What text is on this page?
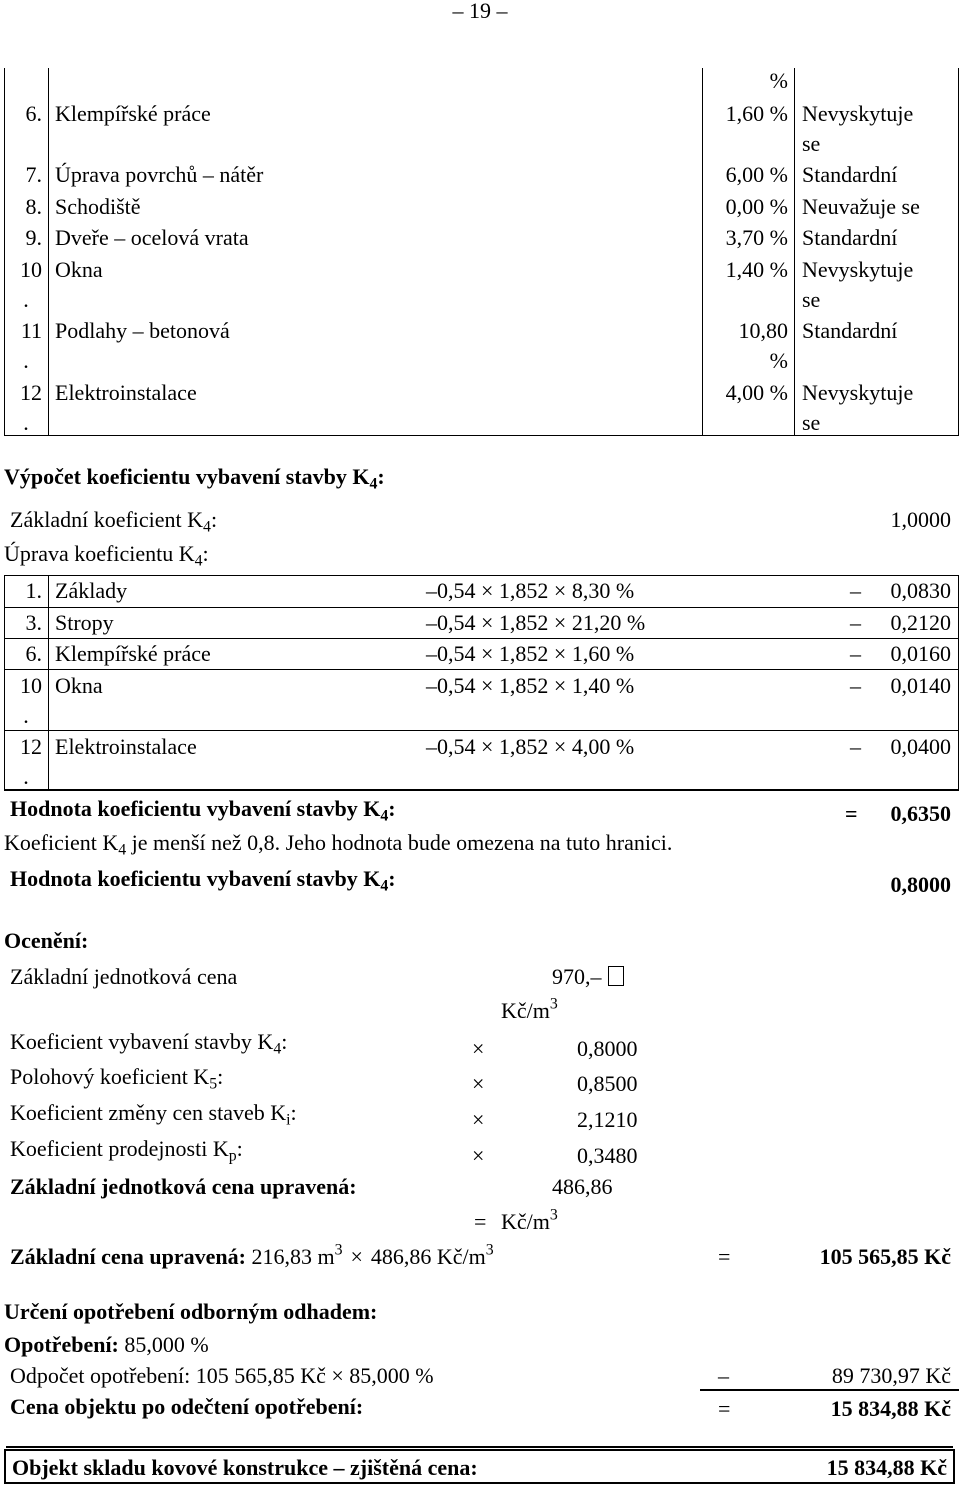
– 19 –
%
6. Klempířské práce	1,60 % Nevyskytuje
se
7. Úprava povrchů – nátěr	6,00 % Standardní
8. Schodiště	0,00 % Neuvažuje se
9. Dveře – ocelová vrata	3,70 % Standardní
10
.
Okna	1,40 % Nevyskytuje
se
11
.
Podlahy – betonová	10,80
%
Standardní
12
.
Elektroinstalace	4,00 % Nevyskytuje
se
Výpočet koeficientu vybavení stavby $K_4$:
Základní koeficient $K_4$:	1,0000
Úprava koeficientu $K_4$:
1. Základy	–0,54 × 1,852 × 8,30 %	–	0,0830
3. Stropy	–0,54 × 1,852 × 21,20 %	–	0,2120
6. Klempířské práce	–0,54 × 1,852 × 1,60 %	–	0,0160
10
.
Okna	–0,54 × 1,852 × 1,40 %	–	0,0140
12
.
Elektroinstalace	–0,54 × 1,852 × 4,00 %	–	0,0400
Hodnota koeficientu vybavení stavby $K_4$:	=	0,6350
Koeficient $K_4$ je menší než 0,8. Jeho hodnota bude omezena na tuto hranici.
Hodnota koeficientu vybavení stavby $K_4$:	0,8000
Ocenění:
Základní jednotková cena	970,–
$Kč/m^3$
Koeficient vybavení stavby $K_4$:	×	0,8000
Polohový koeficient $K_5$:	×	0,8500
Koeficient změny cen staveb $K_i$:	×	2,1210
Koeficient prodejnosti $K_p$:	×	0,3480
Základní jednotková cena upravená:	486,86
= $Kč/m^3$
Základní cena upravená: 216,83 $m^3 \times 486,86$ $Kč/m^3$	=	105 565,85 Kč
Určení opotřebení odborným odhadem:
Opotřebení: 85,000 %
Odpočet opotřebení: 105 565,85 Kč × 85,000 %	–	89 730,97 Kč
Cena objektu po odečtení opotřebení:	=	15 834,88 Kč
Objekt skladu kovové konstrukce – zjištěná cena:	15 834,88 Kč
